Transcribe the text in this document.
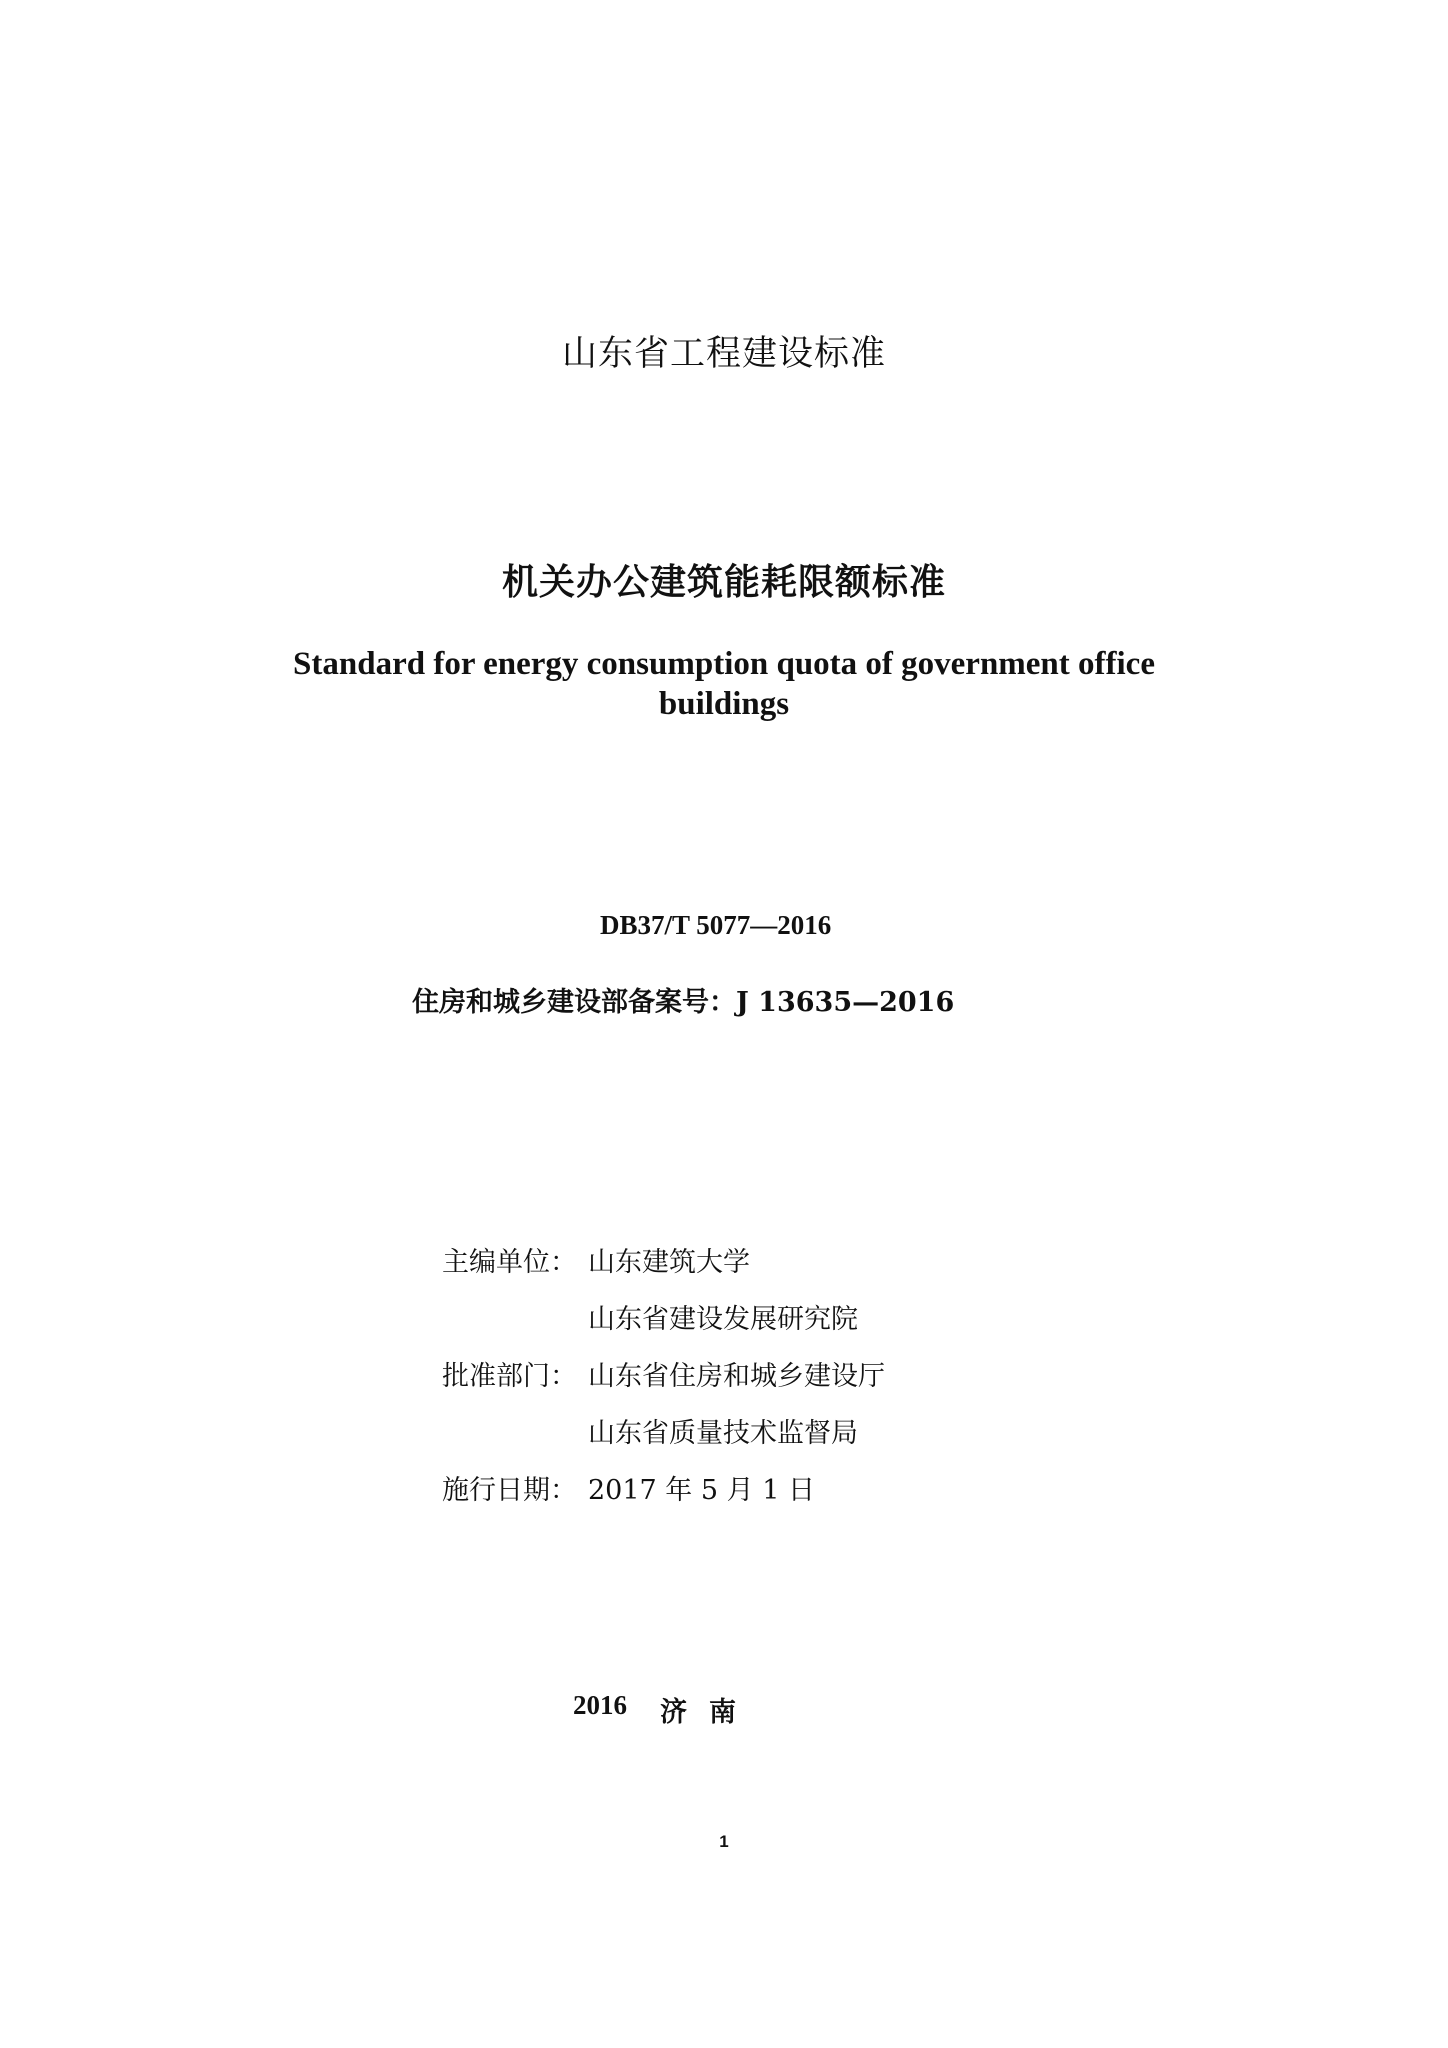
山东省工程建设标准
机关办公建筑能耗限额标准
Standard for energy consumption quota of government office
buildings
DB37/T 5077—2016
住房和城乡建设部备案号：J 13635—2016
主编单位： 山东建筑大学
山东省建设发展研究院
批准部门： 山东省住房和城乡建设厅
山东省质量技术监督局
施行日期： 2017 年 5 月 1 日
2016 济南
1
